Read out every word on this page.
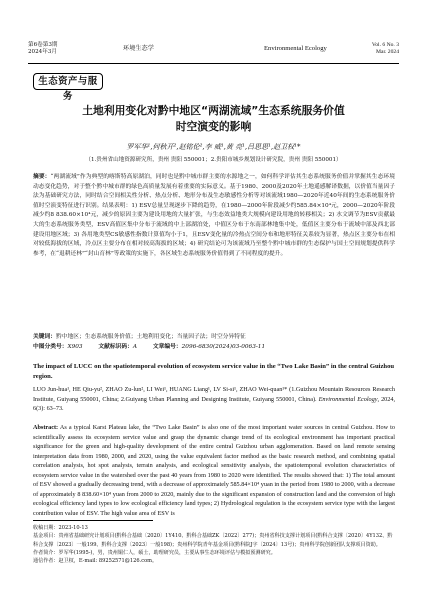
第6卷第3期
2024年3月	环境生态学	Environmental Ecology	Vol. 6 No. 3
Mar. 2024
生态资产与服务
土地利用变化对黔中地区“两湖流域”生态系统服务价值
时空演变的影响
罗军华¹,何秋开²,赵铭伦²,李 威¹,黄 亮¹,吕思思¹,赵卫权¹*
（1.贵州省山地资源研究所，贵州 贵阳 550001；2.贵阳市城乡规划设计研究院，贵州 贵阳 550001）
摘要：“两湖流域”作为典型的喀斯特高原湖泊，同时也是黔中城市群主要的水源地之一，如何科学评估其生态系统服务价值并掌握其生态环境动态变化趋势，对于整个黔中城市群的绿色高质量发展有着重要的实际意义。基于1980、2000及2020年土地遥感解译数据，以价值当量因子法为基础研究方法，同时结合空间相关性分析、热点分析、地形分布及生态敏感性分析等对该流域1980—2020年近40年间的生态系统服务价值时空演变特征进行识别。结果表明：1) ESV总量呈现逐步下降的趋势，在1980—2000年阶段减少约585.84×10⁴元，2000—2020年阶段减少约8 838.60×10⁴元，减少的原因主要为建设用地的大量扩张，与生态效益地类大规模向建设用地的转移相关；2) 水文调节为ESV贡献最大的生态系统服务类型，ESV高值区集中分布于流域的中上部湖泊处，中值区分布于东南部林地集中处，低值区主要分布于流域中部及西北部建设用地区域；3) 各用地类型CS敏感性指数计算值均小于1，且ESV变化量的冷热点空间分布和地形特征关系较为显著，热点区主要分布在相对较低海拔的区域，冷点区主要分布在相对较高海拔的区域；4) 研究结论可为该流域乃至整个黔中城市群的生态保护与国土空间规划提供科学参考，在“退耕还林”“封山育林”等政策的实施下，各区域生态系统服务价值得到了不同程度的提升。
关键词：黔中地区；生态系统服务价值；土地利用变化；当量因子法；时空分异特征
中图分类号：X903	文献标识码：A	文章编号：2096-6830(2024)03-0063-11
The impact of LUCC on the spatiotemporal evolution of ecosystem service value in the “Two Lake Basin” in the central Guizhou region.
LUO Jun-hua¹, HE Qiu-yu², ZHAO Zu-lun², LI Wei¹, HUANG Liang¹, LV Si-si¹, ZHAO Wei-quan¹* (1.Guizhou Mountain Resources Research Institute, Guiyang 550001, China; 2.Guiyang Urban Planning and Designing Institute, Guiyang 550001, China). Environmental Ecology, 2024, 6(3): 63–73.
Abstract: As a typical Karst Plateau lake, the “Two Lake Basin” is also one of the most important water sources in central Guizhou. How to scientifically assess its ecosystem service value and grasp the dynamic change trend of its ecological environment has important practical significance for the green and high-quality development of the entire central Guizhou urban agglomeration. Based on land remote sensing interpretation data from 1980, 2000, and 2020, using the value equivalent factor method as the basic research method, and combining spatial correlation analysis, hot spot analysis, terrain analysis, and ecological sensitivity analysis, the spatiotemporal evolution characteristics of ecosystem service value in the watershed over the past 40 years from 1980 to 2020 were identified. The results showed that: 1) The total amount of ESV showed a gradually decreasing trend, with a decrease of approximately 585.84×10⁴ yuan in the period from 1980 to 2000, with a decrease of approximately 8 838.60×10⁴ yuan from 2000 to 2020, mainly due to the significant expansion of construction land and the conversion of high ecological efficiency land types to low ecological efficiency land types; 2) Hydrological regulation is the ecosystem service type with the largest contribution value of ESV. The high value area of ESV is

收稿日期：2023-10-13

基金项目：贵州省基础研究计划项目(黔科合基础〔2020〕1Y410、黔科合基础ZK〔2022〕277)；贵州省科技支撑计划项目(黔科合支撑〔2020〕4Y132、黔科合支撑〔2023〕一般199、黔科合支撑〔2023〕一般198)；贵州科学院青年基金项目(黔科院J字〔2024〕13号)；贵州科学院创新团队支撑项目资助。

作者简介：罗军华(1995-)，男，贵州铜仁人，硕士，助理研究员，主要从事生态环境评估与模拟预测研究。

通信作者：赵卫权，E-mail: 89252571@126.com。
